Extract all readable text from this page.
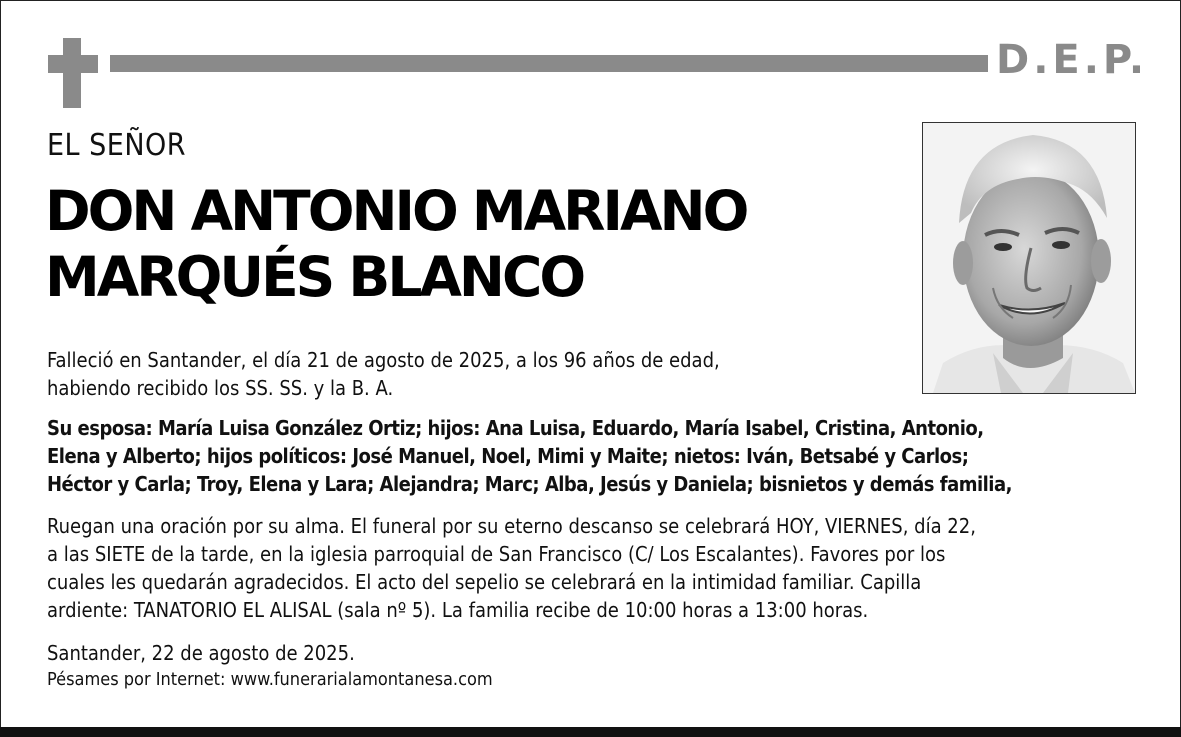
D.E.P.
EL SEÑOR
DON ANTONIO MARIANO
MARQUÉS BLANCO
Falleció en Santander, el día 21 de agosto de 2025, a los 96 años de edad,
habiendo recibido los SS. SS. y la B. A.
Su esposa: María Luisa González Ortiz; hijos: Ana Luisa, Eduardo, María Isabel, Cristina, Antonio,
Elena y Alberto; hijos políticos: José Manuel, Noel, Mimi y Maite; nietos: Iván, Betsabé y Carlos;
Héctor y Carla; Troy, Elena y Lara; Alejandra; Marc; Alba, Jesús y Daniela; bisnietos y demás familia,
Ruegan una oración por su alma. El funeral por su eterno descanso se celebrará HOY, VIERNES, día 22,
a las SIETE de la tarde, en la iglesia parroquial de San Francisco (C/ Los Escalantes). Favores por los
cuales les quedarán agradecidos. El acto del sepelio se celebrará en la intimidad familiar. Capilla
ardiente: TANATORIO EL ALISAL (sala nº 5). La familia recibe de 10:00 horas a 13:00 horas.
Santander, 22 de agosto de 2025.
Pésames por Internet: www.funerarialamontanesa.com
